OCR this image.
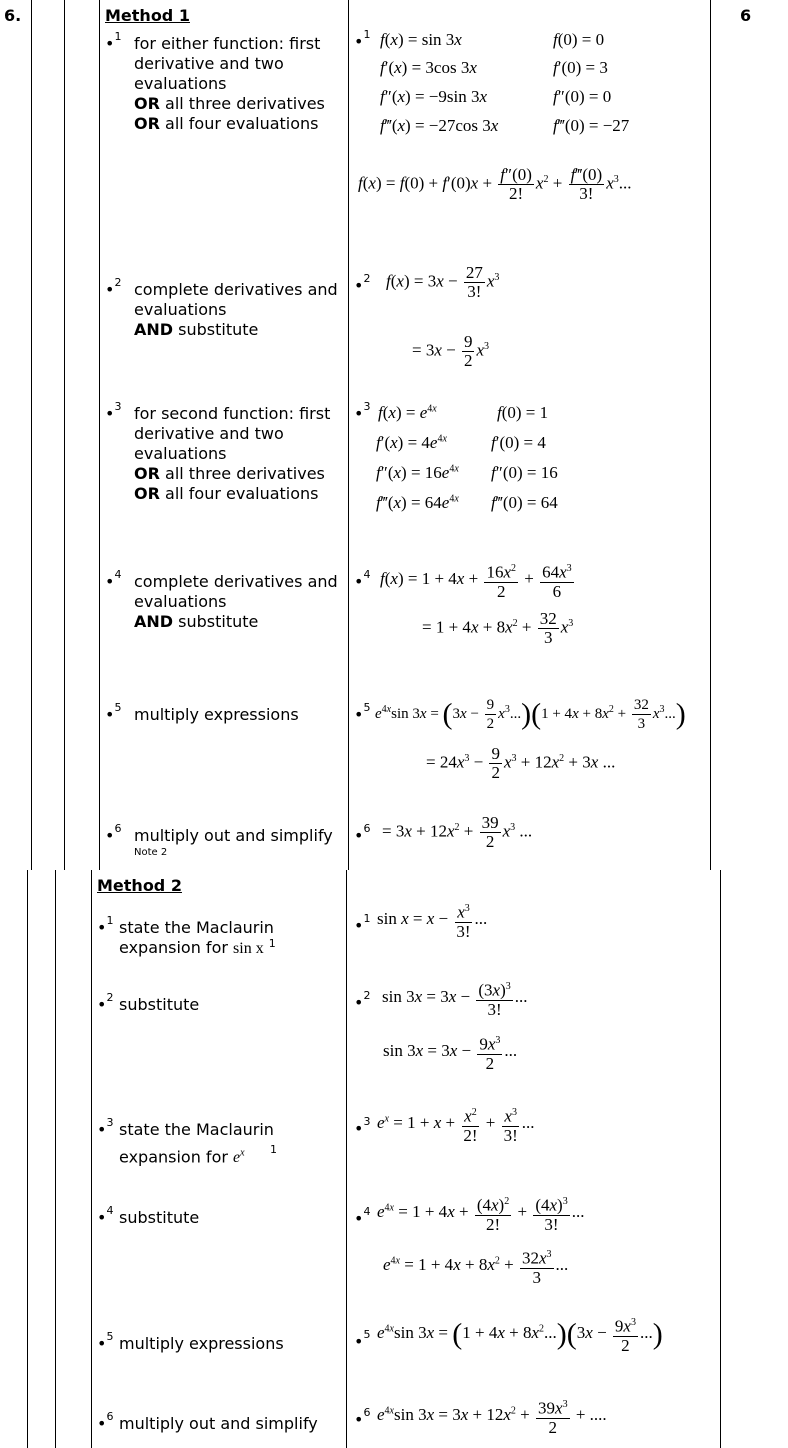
6.	6
Method 1
•$^1$ for either function: first
derivative and two
evaluations
OR all three derivatives
OR all four evaluations
•$^2$ complete derivatives and
evaluations
AND substitute
•$^3$ for second function: first
derivative and two
evaluations
OR all three derivatives
OR all four evaluations
•$^4$ complete derivatives and
evaluations
AND substitute
•$^5$ multiply expressions
•$^6$ multiply out and simplify
Note 2
•$^1$ f(x) = sin 3x
f′(x) = 3cos 3x
f″(x) = −9sin 3x
f‴(x) = −27cos 3x
f(0) = 0
f′(0) = 3
f″(0) = 0
f‴(0) = −27
$f(x) = f(0) + f'(0)x + \frac{f''(0)}{2!} x^2 + \frac{f‴(0)}{3!} x^3$...
•$^2$ $f(x) = 3x - \frac{27}{3!} x^3$
= $3x - \frac{9}{2} x^3$
•$^3$ $f(x) = e^{4x}$
$f'(x) = 4e^{4x}$
$f''(x) = 16e^{4x}$
f‴(x) = $64e^{4x}$
f(0) = 1
f′(0) = 4
f″(0) = 16
f‴(0) = 64
•$^4$ $f(x) = 1 + 4x + \frac{16x^2}{2} + \frac{64x^3}{6}$
= $1 + 4x + 8x^2 + \frac{32}{3} x^3$
•$^5$ $e^{4x}\sin$ $3x = (3x - \frac{9}{2} x^3...)(1 + 4x + 8x^2 + \frac{32}{3} x^3...)$
= $24x^3 - \frac{9}{2} x^3 + 12x^2 + 3x$ ...
•$^6$ = $3x + 12x^2 + \frac{39}{2} x^3$ ...
Method 2
•$^1$ state the Maclaurin
expansion for sin x $^1$
•$^2$ substitute
•$^3$ state the Maclaurin
expansion for $e^x$ $^1$
•$^4$ substitute
•$^5$ multiply expressions
•$^6$ multiply out and simplify
•$^1$ $\sin x = x - \frac{x^3}{3!}$ ...
•$^2$ $\sin 3x = 3x - \frac{(3x)^3}{3!}$ ...
$\sin 3x = 3x - \frac{9x^3}{2}$ ...
•$^3$ $e^x = 1 + x + \frac{x^2}{2!} + \frac{x^3}{3!}$ ...
•$^4$ $e^{4x} = 1 + 4x + \frac{(4x)^2}{2!} + \frac{(4x)^3}{3!}$ ...
$e^{4x} = 1 + 4x + 8x^2 + \frac{32x^3}{3}$ ...
•$^5$ $e^{4x}\sin$ $3x = (1 + 4x + 8x^2...)(3x - \frac{9x^3}{2}$ ...)
•$^6$ $e^{4x}\sin$ $3x = 3x + 12x^2 + \frac{39x^3}{2}$ + ....
